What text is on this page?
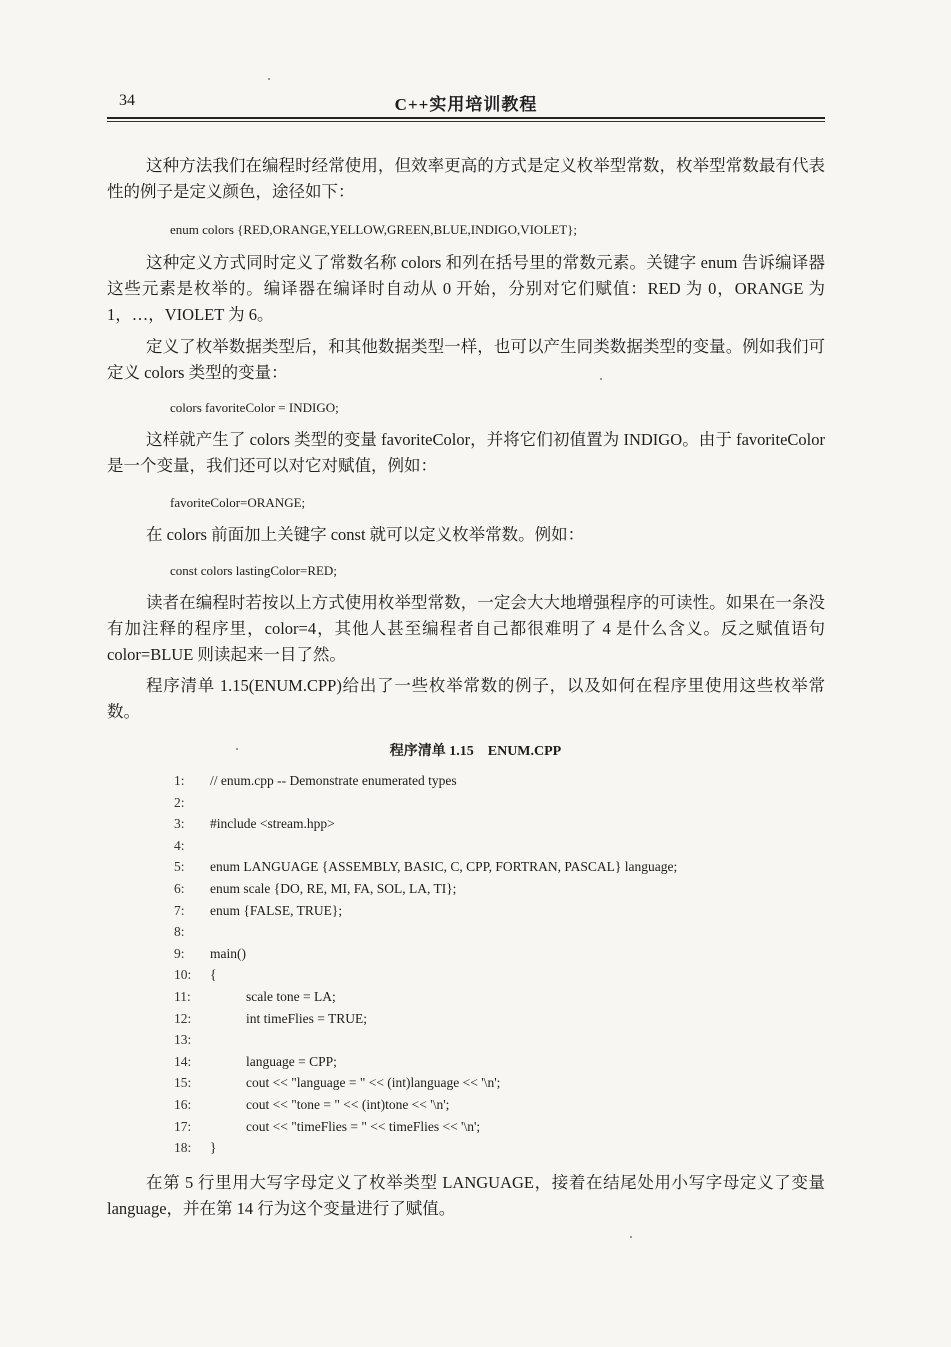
34	C++实用培训教程

这种方法我们在编程时经常使用，但效率更高的方式是定义枚举型常数，枚举型常数最有代表性的例子是定义颜色，途径如下：

enum colors {RED,ORANGE,YELLOW,GREEN,BLUE,INDIGO,VIOLET};

这种定义方式同时定义了常数名称 colors 和列在括号里的常数元素。关键字 enum 告诉编译器这些元素是枚举的。编译器在编译时自动从 0 开始，分别对它们赋值：RED 为 0，ORANGE 为 1，…，VIOLET 为 6。

定义了枚举数据类型后，和其他数据类型一样，也可以产生同类数据类型的变量。例如我们可定义 colors 类型的变量：

colors favoriteColor = INDIGO;

这样就产生了 colors 类型的变量 favoriteColor，并将它们初值置为 INDIGO。由于 favoriteColor 是一个变量，我们还可以对它对赋值，例如：

favoriteColor=ORANGE;

在 colors 前面加上关键字 const 就可以定义枚举常数。例如：

const colors lastingColor=RED;

读者在编程时若按以上方式使用枚举型常数，一定会大大地增强程序的可读性。如果在一条没有加注释的程序里，color=4，其他人甚至编程者自己都很难明了 4 是什么含义。反之赋值语句 color=BLUE 则读起来一目了然。

程序清单 1.15(ENUM.CPP)给出了一些枚举常数的例子，以及如何在程序里使用这些枚举常数。

程序清单 1.15　ENUM.CPP
1:	// enum.cpp -- Demonstrate enumerated types
2:
3:	#include <stream.hpp>
4:
5:	enum LANGUAGE {ASSEMBLY, BASIC, C, CPP, FORTRAN, PASCAL} language;
6:	enum scale {DO, RE, MI, FA, SOL, LA, TI};
7:	enum {FALSE, TRUE};
8:
9:	main()
10:	{
11:	scale tone = LA;
12:	int timeFlies = TRUE;
13:
14:	language = CPP;
15:	cout << "language = " << (int)language << '\n';
16:	cout << "tone = " << (int)tone << '\n';
17:	cout << "timeFlies = " << timeFlies << '\n';
18:	}

在第 5 行里用大写字母定义了枚举类型 LANGUAGE，接着在结尾处用小写字母定义了变量 language，并在第 14 行为这个变量进行了赋值。
